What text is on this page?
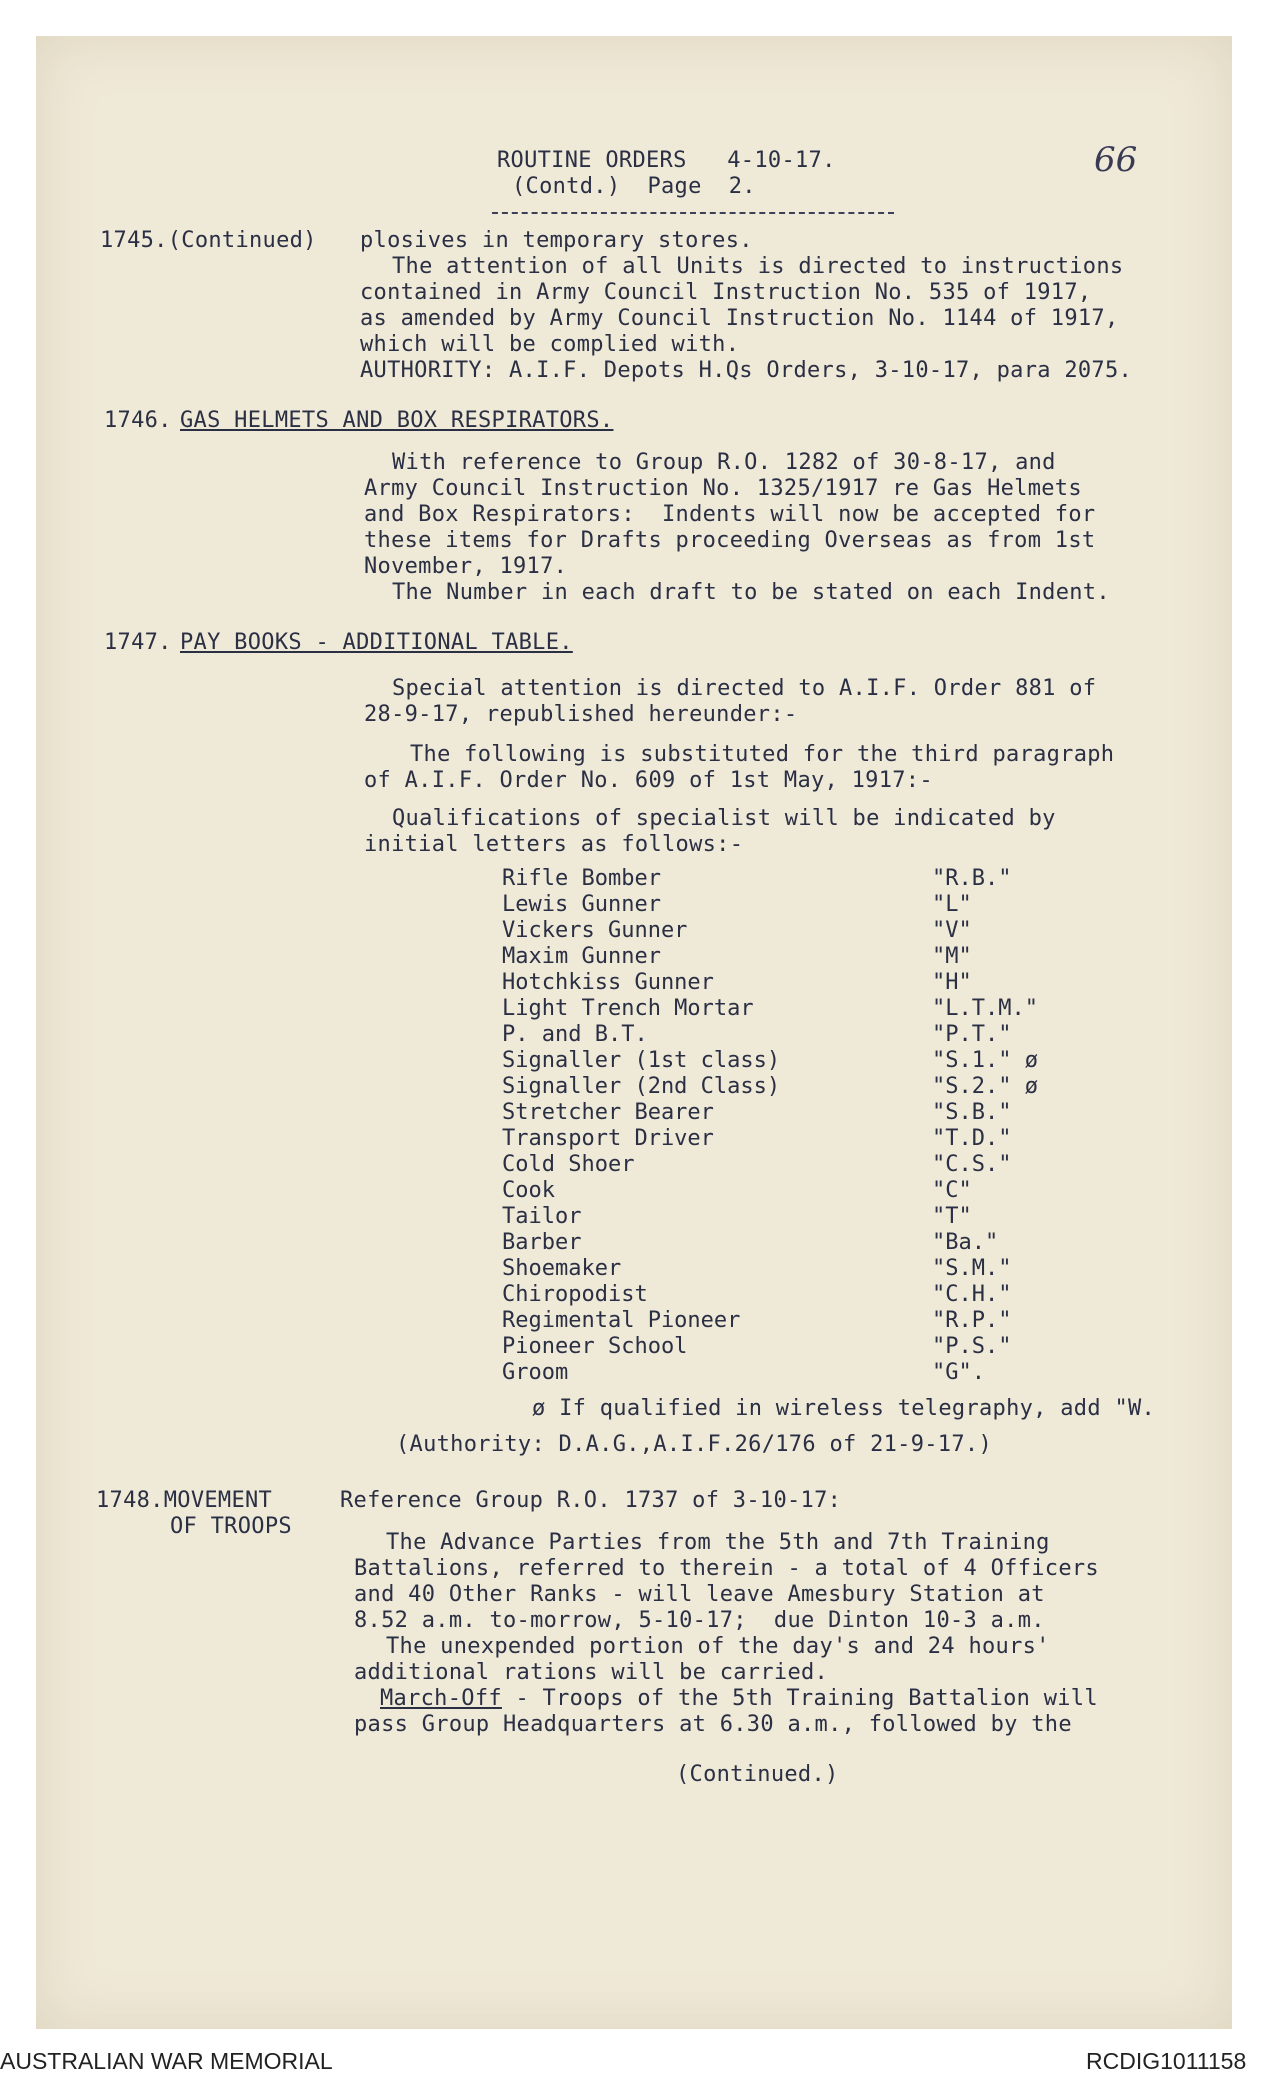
ROUTINE ORDERS   4-10-17.
(Contd.)  Page  2.
66
1745.(Continued) plosives in temporary stores.
The attention of all Units is directed to instructions
contained in Army Council Instruction No. 535 of 1917,
as amended by Army Council Instruction No. 1144 of 1917,
which will be complied with.
AUTHORITY: A.I.F. Depots H.Qs Orders, 3-10-17, para 2075.
1746. GAS HELMETS AND BOX RESPIRATORS.
With reference to Group R.O. 1282 of 30-8-17, and
Army Council Instruction No. 1325/1917 re Gas Helmets
and Box Respirators:  Indents will now be accepted for
these items for Drafts proceeding Overseas as from 1st
November, 1917.
The Number in each draft to be stated on each Indent.
1747. PAY BOOKS - ADDITIONAL TABLE.
Special attention is directed to A.I.F. Order 881 of
28-9-17, republished hereunder:-
The following is substituted for the third paragraph
of A.I.F. Order No. 609 of 1st May, 1917:-
Qualifications of specialist will be indicated by
initial letters as follows:-
Rifle Bomber	"R.B."
Lewis Gunner	"L"
Vickers Gunner	"V"
Maxim Gunner	"M"
Hotchkiss Gunner	"H"
Light Trench Mortar	"L.T.M."
P. and B.T.	"P.T."
Signaller (1st class)	"S.1." ø
Signaller (2nd Class)	"S.2." ø
Stretcher Bearer	"S.B."
Transport Driver	"T.D."
Cold Shoer	"C.S."
Cook	"C"
Tailor	"T"
Barber	"Ba."
Shoemaker	"S.M."
Chiropodist	"C.H."
Regimental Pioneer	"R.P."
Pioneer School	"P.S."
Groom	"G".
ø If qualified in wireless telegraphy, add "W.
(Authority: D.A.G.,A.I.F.26/176 of 21-9-17.)
1748.MOVEMENT
OF TROOPS
Reference Group R.O. 1737 of 3-10-17:
The Advance Parties from the 5th and 7th Training
Battalions, referred to therein - a total of 4 Officers
and 40 Other Ranks - will leave Amesbury Station at
8.52 a.m. to-morrow, 5-10-17;  due Dinton 10-3 a.m.
The unexpended portion of the day's and 24 hours'
additional rations will be carried.
March-Off - Troops of the 5th Training Battalion will
pass Group Headquarters at 6.30 a.m., followed by the
(Continued.)
AUSTRALIAN WAR MEMORIAL	RCDIG1011158
